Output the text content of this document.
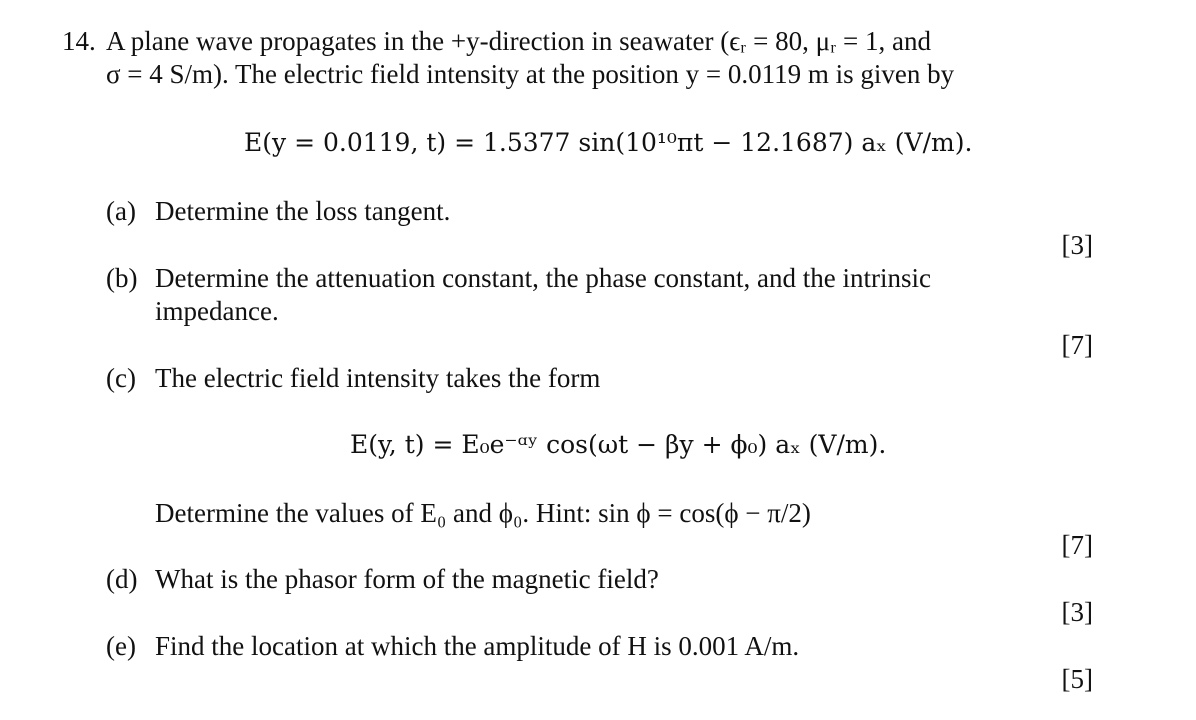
14. A plane wave propagates in the +y-direction in seawater (ϵᵣ = 80, μᵣ = 1, and
σ = 4 S/m). The electric field intensity at the position y = 0.0119 m is given by
E(y = 0.0119, t) = 1.5377 sin(10¹⁰πt − 12.1687) aₓ (V/m).
(a) Determine the loss tangent.
[3]
(b) Determine the attenuation constant, the phase constant, and the intrinsic
impedance.
[7]
(c) The electric field intensity takes the form
E(y, t) = E₀e⁻ᵅʸ cos(ωt − βy + ϕ₀) aₓ (V/m).
Determine the values of E₀ and ϕ₀. Hint: sin ϕ = cos(ϕ − π/2)
[7]
(d) What is the phasor form of the magnetic field?
[3]
(e) Find the location at which the amplitude of H is 0.001 A/m.
[5]
